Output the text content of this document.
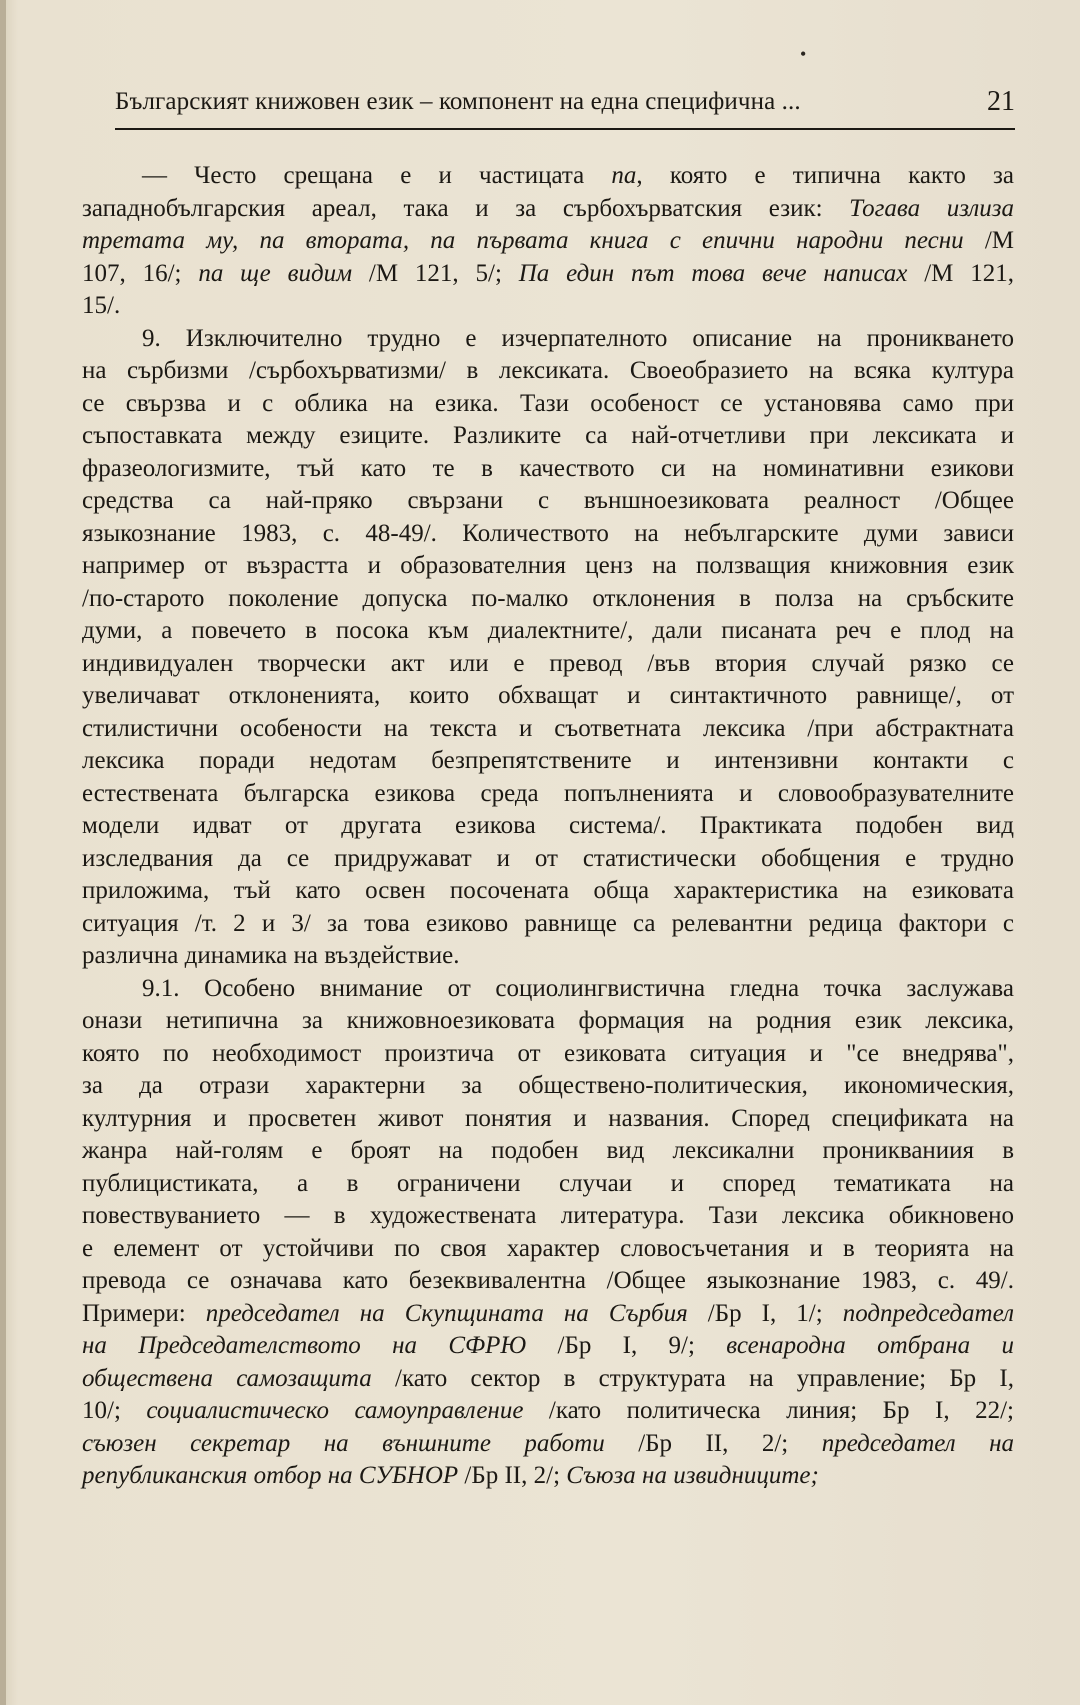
•
Българският книжовен език – компонент на една специфична ...	21
— Често срещана е и частицата па, която е типична както за
западнобългарския ареал, така и за сърбохърватския език: Тогава излиза
третата му, па втората, па първата книга с епични народни песни /М
107, 16/; па ще видим /М 121, 5/; Па един път това вече написах /М 121,
15/.
9. Изключително трудно е изчерпателното описание на проникването
на сърбизми /сърбохърватизми/ в лексиката. Своеобразието на всяка култура
се свързва и с облика на езика. Тази особеност се установява само при
съпоставката между езиците. Разликите са най-отчетливи при лексиката и
фразеологизмите, тъй като те в качеството си на номинативни езикови
средства са най-пряко свързани с външноезиковата реалност /Общее
языкознание 1983, с. 48-49/. Количеството на небългарските думи зависи
например от възрастта и образователния ценз на ползващия книжовния език
/по-старото поколение допуска по-малко отклонения в полза на сръбските
думи, а повечето в посока към диалектните/, дали писаната реч е плод на
индивидуален творчески акт или е превод /във втория случай рязко се
увеличават отклоненията, които обхващат и синтактичното равнище/, от
стилистични особености на текста и съответната лексика /при абстрактната
лексика поради недотам безпрепятствените и интензивни контакти с
естествената българска езикова среда попълненията и словообразувателните
модели идват от другата езикова система/. Практиката подобен вид
изследвания да се придружават и от статистически обобщения е трудно
приложима, тъй като освен посочената обща характеристика на езиковата
ситуация /т. 2 и 3/ за това езиково равнище са релевантни редица фактори с
различна динамика на въздействие.
9.1. Особено внимание от социолингвистична гледна точка заслужава
онази нетипична за книжовноезиковата формация на родния език лексика,
която по необходимост произтича от езиковата ситуация и "се внедрява",
за да отрази характерни за обществено-политическия, икономическия,
културния и просветен живот понятия и названия. Според спецификата на
жанра най-голям е броят на подобен вид лексикални проникваниия в
публицистиката, а в ограничени случаи и според тематиката на
повествуванието — в художествената литература. Тази лексика обикновено
е елемент от устойчиви по своя характер словосъчетания и в теорията на
превода се означава като безеквивалентна /Общее языкознание 1983, с. 49/.
Примери: председател на Скупщината на Сърбия /Бр I, 1/; подпредседател
на Председателството на СФРЮ /Бр I, 9/; всенародна отбрана и
обществена самозащита /като сектор в структурата на управление; Бр I,
10/; социалистическо самоуправление /като политическа линия; Бр I, 22/;
съюзен секретар на външните работи /Бр II, 2/; председател на
републиканския отбор на СУБНОР /Бр II, 2/; Съюза на извидниците;
